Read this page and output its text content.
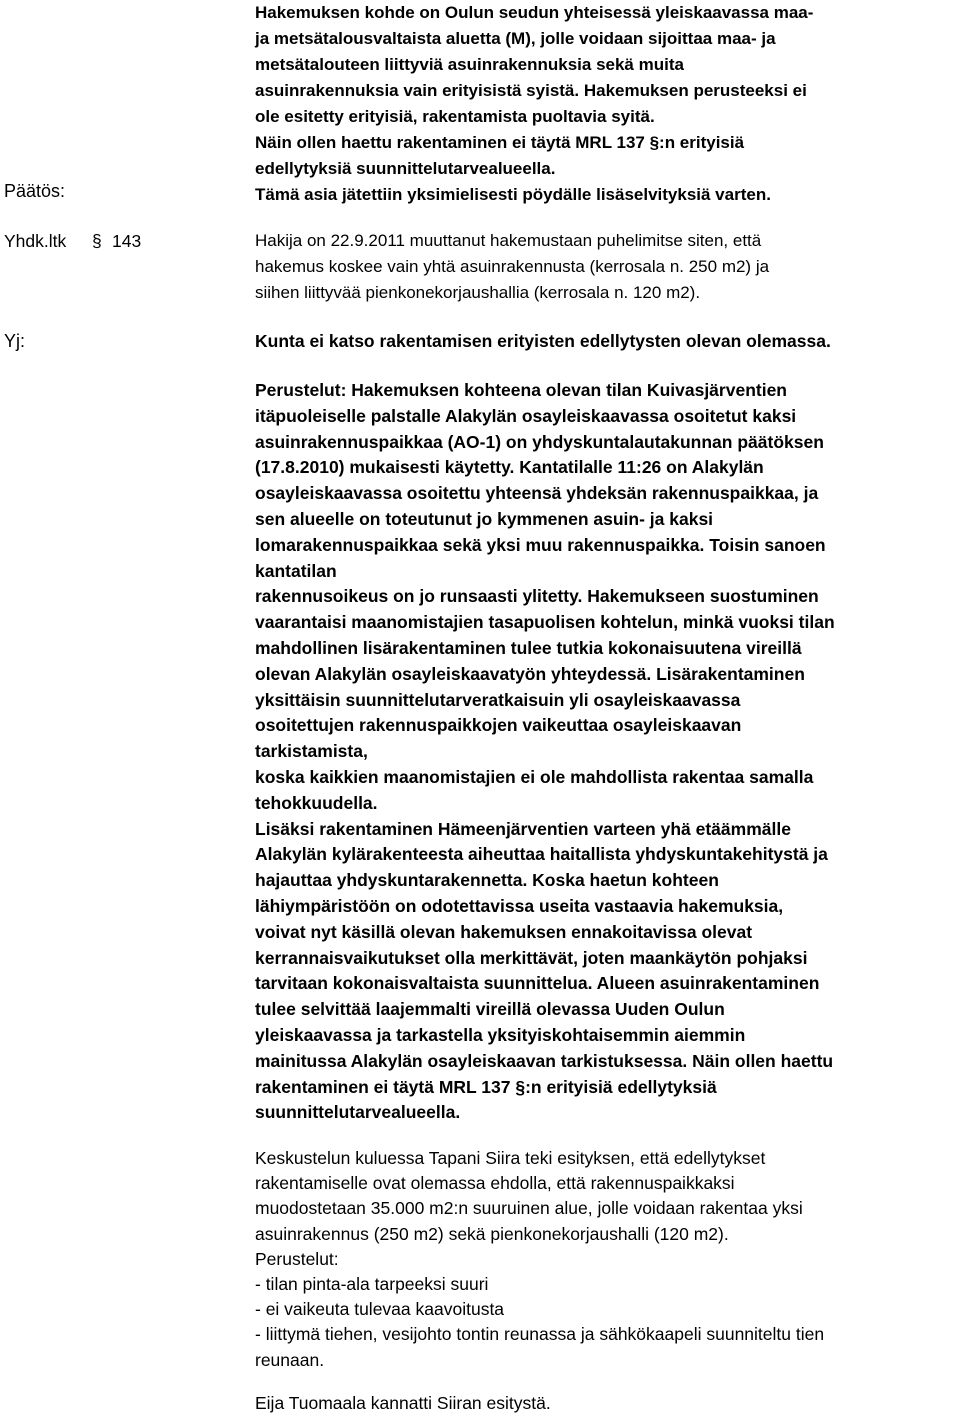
Päätös:
Yhdk.ltk § 143
Yj:
Hakemuksen kohde on Oulun seudun yhteisessä yleiskaavassa maa-
ja metsätalousvaltaista aluetta (M), jolle voidaan sijoittaa maa- ja
metsätalouteen liittyviä asuinrakennuksia sekä muita
asuinrakennuksia vain erityisistä syistä. Hakemuksen perusteeksi ei
ole esitetty erityisiä, rakentamista puoltavia syitä.
Näin ollen haettu rakentaminen ei täytä MRL 137 §:n erityisiä
edellytyksiä suunnittelutarvealueella.
Tämä asia jätettiin yksimielisesti pöydälle lisäselvityksiä varten.
Hakija on 22.9.2011 muuttanut hakemustaan puhelimitse siten, että
hakemus koskee vain yhtä asuinrakennusta (kerrosala n. 250 m2) ja
siihen liittyvää pienkonekorjaushallia (kerrosala n. 120 m2).
Kunta ei katso rakentamisen erityisten edellytysten olevan olemassa.
Perustelut: Hakemuksen kohteena olevan tilan Kuivasjärventien
itäpuoleiselle palstalle Alakylän osayleiskaavassa osoitetut kaksi
asuinrakennuspaikkaa (AO-1) on yhdyskuntalautakunnan päätöksen
(17.8.2010) mukaisesti käytetty. Kantatilalle 11:26 on Alakylän
osayleiskaavassa osoitettu yhteensä yhdeksän rakennuspaikkaa, ja
sen alueelle on toteutunut jo kymmenen asuin- ja kaksi
lomarakennuspaikkaa sekä yksi muu rakennuspaikka. Toisin sanoen
kantatilan
rakennusoikeus on jo runsaasti ylitetty. Hakemukseen suostuminen
vaarantaisi maanomistajien tasapuolisen kohtelun, minkä vuoksi tilan
mahdollinen lisärakentaminen tulee tutkia kokonaisuutena vireillä
olevan Alakylän osayleiskaavatyön yhteydessä. Lisärakentaminen
yksittäisin suunnittelutarveratkaisuin yli osayleiskaavassa
osoitettujen rakennuspaikkojen vaikeuttaa osayleiskaavan
tarkistamista,
koska kaikkien maanomistajien ei ole mahdollista rakentaa samalla
tehokkuudella.
Lisäksi rakentaminen Hämeenjärventien varteen yhä etäämmälle
Alakylän kylärakenteesta aiheuttaa haitallista yhdyskuntakehitystä ja
hajauttaa yhdyskuntarakennetta. Koska haetun kohteen
lähiympäristöön on odotettavissa useita vastaavia hakemuksia,
voivat nyt käsillä olevan hakemuksen ennakoitavissa olevat
kerrannaisvaikutukset olla merkittävät, joten maankäytön pohjaksi
tarvitaan kokonaisvaltaista suunnittelua. Alueen asuinrakentaminen
tulee selvittää laajemmalti vireillä olevassa Uuden Oulun
yleiskaavassa ja tarkastella yksityiskohtaisemmin aiemmin
mainitussa Alakylän osayleiskaavan tarkistuksessa. Näin ollen haettu
rakentaminen ei täytä MRL 137 §:n erityisiä edellytyksiä
suunnittelutarvealueella.
Keskustelun kuluessa Tapani Siira teki esityksen, että edellytykset
rakentamiselle ovat olemassa ehdolla, että rakennuspaikkaksi
muodostetaan 35.000 m2:n suuruinen alue, jolle voidaan rakentaa yksi
asuinrakennus (250 m2) sekä pienkonekorjaushalli (120 m2).
Perustelut:
- tilan pinta-ala tarpeeksi suuri
- ei vaikeuta tulevaa kaavoitusta
- liittymä tiehen, vesijohto tontin reunassa ja sähkökaapeli suunniteltu tien
reunaan.
Eija Tuomaala kannatti Siiran esitystä.
